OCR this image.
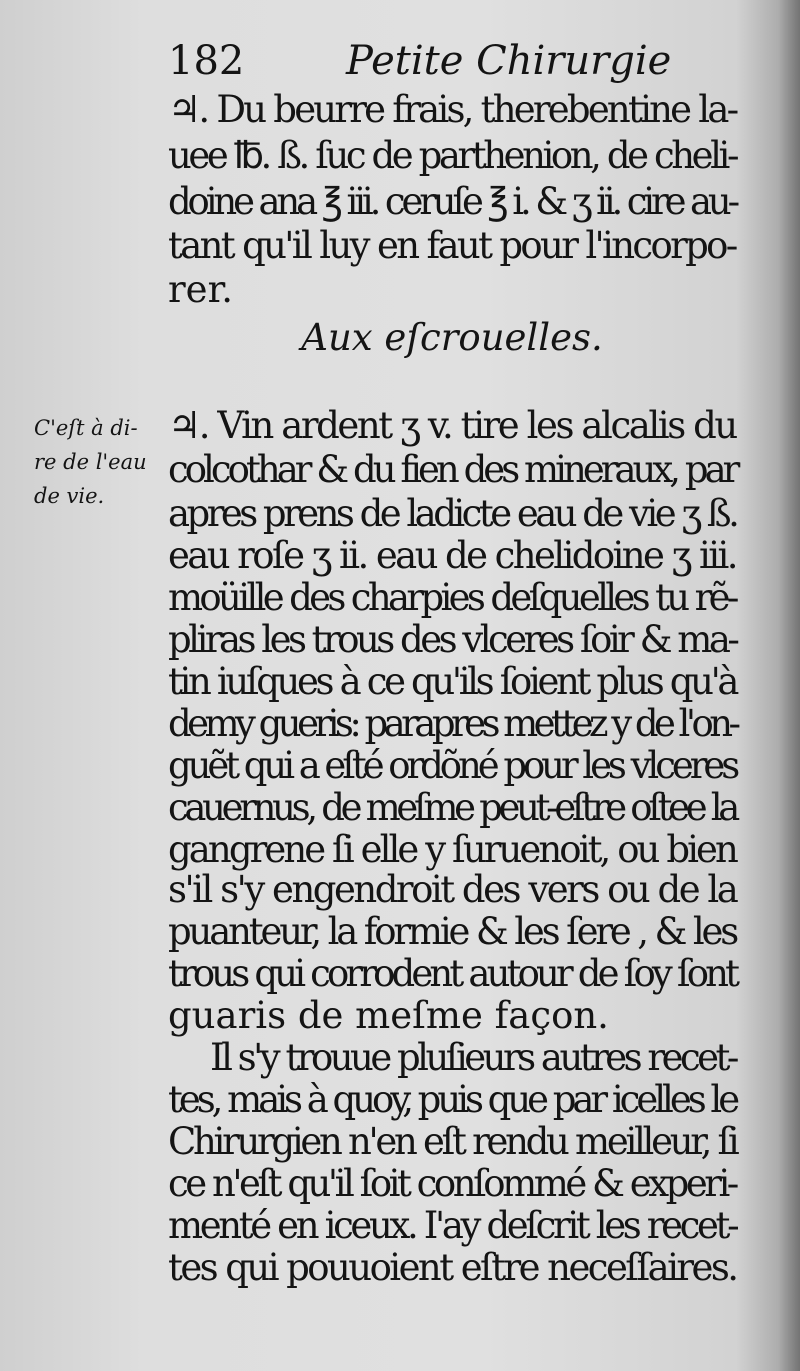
182	Petite Chirurgie
♃. Du beurre frais, therebentine la-
uee ℔. ß. ſuc de parthenion, de cheli-
doine ana ℥ iii. ceruſe ℥ i. & ʒ ii. cire au-
tant qu'il luy en faut pour l'incorpo-
rer.
Aux eſcrouelles.
C'eſt à di-
re de l'eau
de vie.
♃. Vin ardent ʒ v. tire les alcalis du
colcothar & du fien des mineraux, par
apres prens de ladicte eau de vie ʒ ß.
eau roſe ʒ ii. eau de chelidoine ʒ iii.
moüille des charpies deſquelles tu rẽ-
pliras les trous des vlceres ſoir & ma-
tin iuſques à ce qu'ils ſoient plus qu'à
demy gueris: parapres mettez y de l'on-
guẽt qui a eſté ordõné pour les vlceres
cauernus, de meſme peut-eſtre oſtee la
gangrene ſi elle y ſuruenoit, ou bien
s'il s'y engendroit des vers ou de la
puanteur, la formie & les ſere , & les
trous qui corrodent autour de ſoy ſont
guaris de meſme façon.
Il s'y trouue pluſieurs autres recet-
tes, mais à quoy, puis que par icelles le
Chirurgien n'en eſt rendu meilleur, ſi
ce n'eſt qu'il ſoit conſommé & experi-
menté en iceux. I'ay deſcrit les recet-
tes qui pouuoient eſtre neceſſaires.
